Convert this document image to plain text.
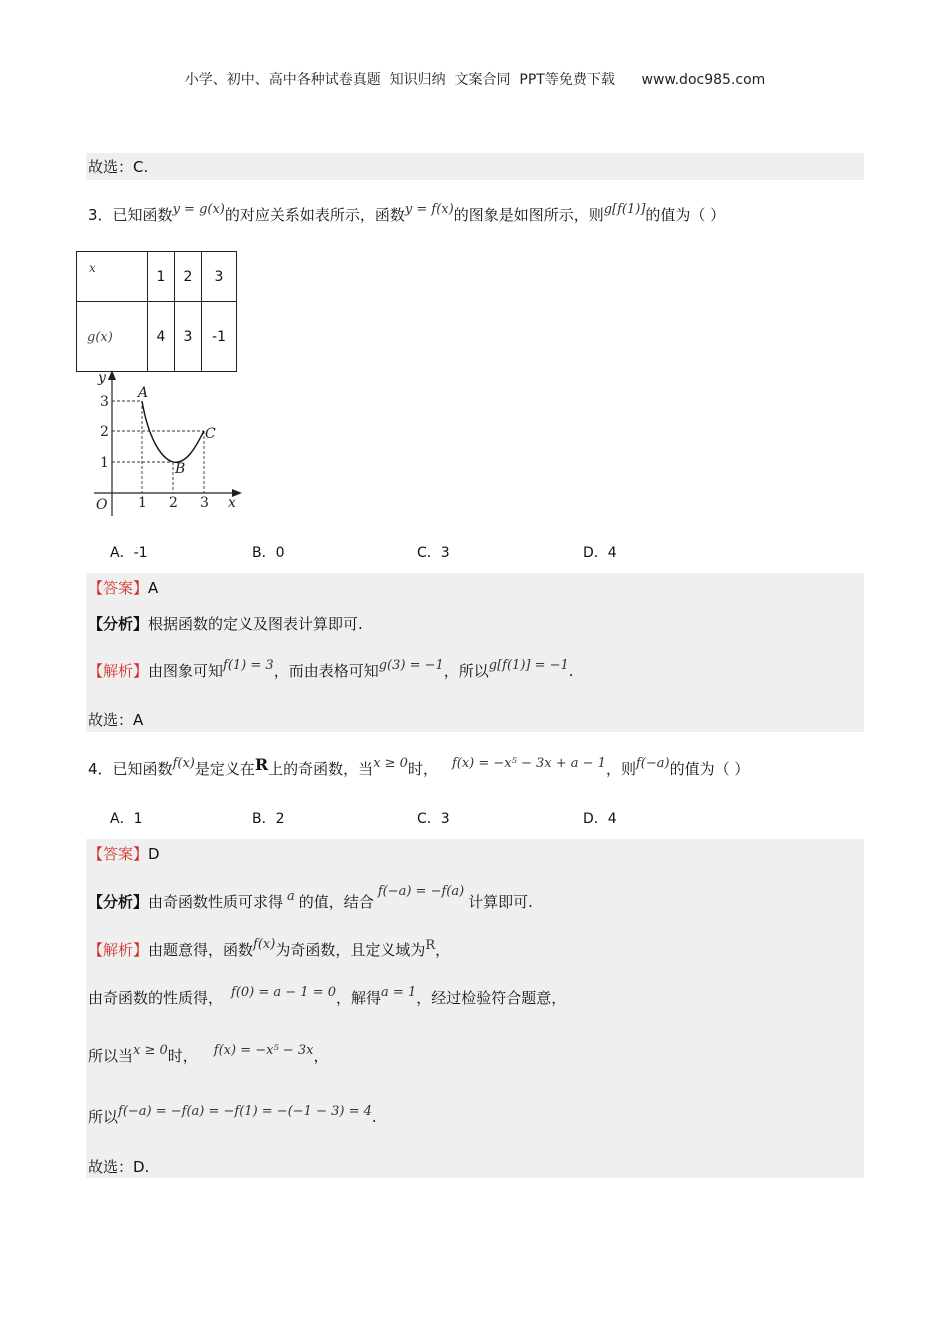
小学、初中、高中各种试卷真题  知识归纳  文案合同  PPT等免费下载      www.doc985.com
故选：C.
3．已知函数y = g(x)的对应关系如表所示，函数y = f(x)的图象是如图所示，则g[f(1)]的值为（ ）
x	1	2	3
g(x)	4	3	-1
y
x
O 1 2 3
3
2
1
A
B
C
A．-1	B．0	C．3	D．4
【答案】A
【分析】根据函数的定义及图表计算即可.
【解析】由图象可知f(1) = 3，而由表格可知g(3) = −1，所以g[f(1)] = −1.
故选：A
4．已知函数f(x)是定义在R上的奇函数，当x ≥ 0时， f(x) = −x⁵ − 3x + a − 1，则f(−a)的值为（ ）
A．1	B．2	C．3	D．4
【答案】D
【分析】由奇函数性质可求得 a 的值，结合f(−a) = −f(a)计算即可.
【解析】由题意得，函数f(x)为奇函数，且定义域为R，
由奇函数的性质得， f(0) = a − 1 = 0，解得a = 1，经过检验符合题意，
所以当x ≥ 0时， f(x) = −x⁵ − 3x，
所以f(−a) = −f(a) = −f(1) = −(−1 − 3) = 4.
故选：D.
